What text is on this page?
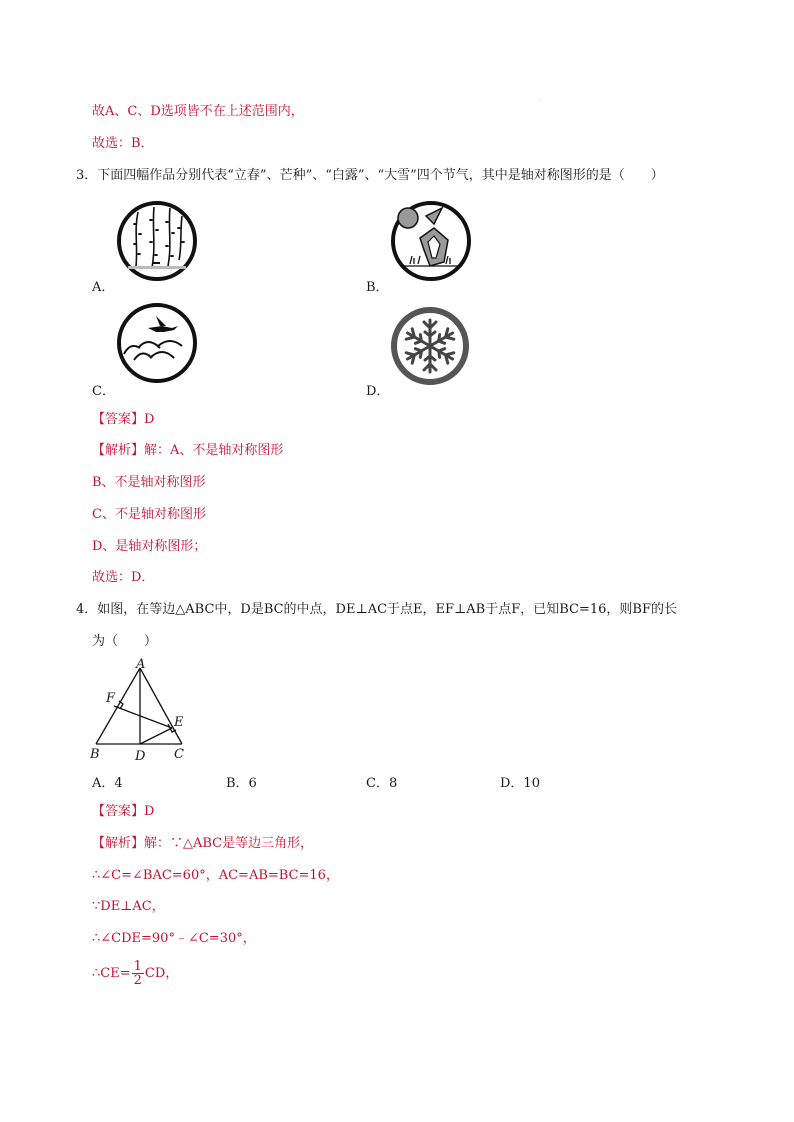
故A、C、D选项皆不在上述范围内，
故选：B．
.
3．下面四幅作品分别代表“立春”、芒种”、“白露”、“大雪”四个节气，其中是轴对称图形的是（　　）
A．	B．
C．	D．
【答案】D
【解析】解：A、不是轴对称图形
B、不是轴对称图形
C、不是轴对称图形
D、是轴对称图形；
故选：D．
4．如图，在等边△ABC中，D是BC的中点，DE⊥AC于点E，EF⊥AB于点F，已知BC=16，则BF的长
为（　　）
A
B	C
D
E
F
A．4	B．6	C．8	D．10
【答案】D
【解析】解：∵△ABC是等边三角形，
∴∠C=∠BAC=60°，AC=AB=BC=16，
∵DE⊥AC，
∴∠CDE=90°﹣∠C=30°，
∴CE= $\frac{1}{2}$ CD，
